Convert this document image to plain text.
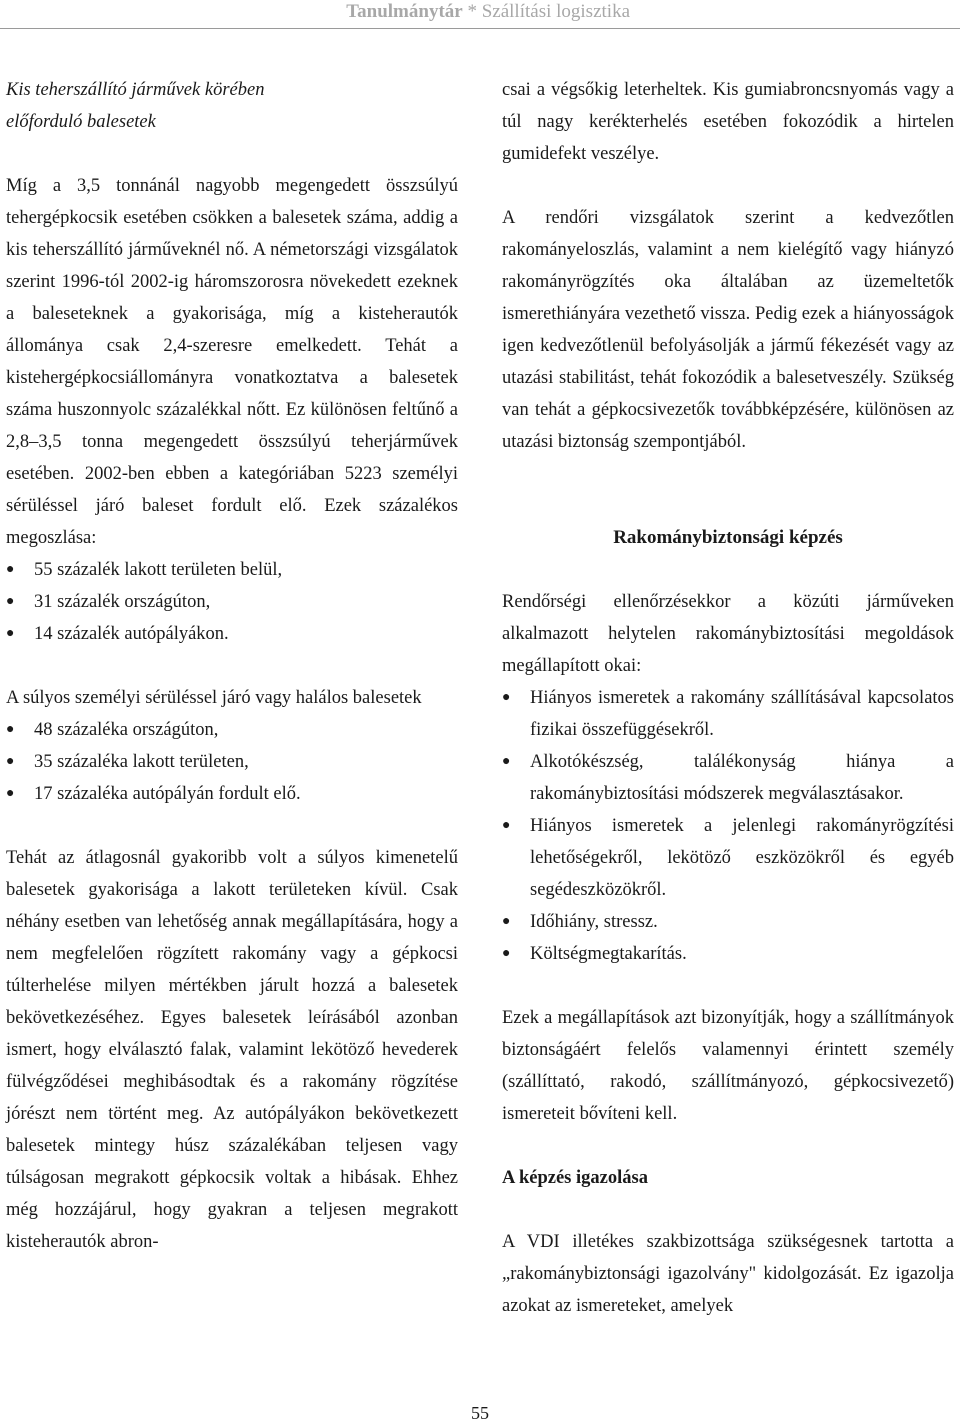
Tanulmánytár * Szállítási logisztika

Kis teherszállító járművek körében

előforduló balesetek

Míg a 3,5 tonnánál nagyobb megengedett összsúlyú tehergépkocsik esetében csökken a balesetek száma, addig a kis teherszállító járműveknél nő. A németországi vizsgálatok szerint 1996-tól 2002-ig háromszorosra növekedett ezeknek a baleseteknek a gyakorisága, míg a kisteherautók állománya csak 2,4-szeresre emelkedett. Tehát a kistehergépkocsiállományra vonatkoztatva a balesetek száma huszonnyolc százalékkal nőtt. Ez különösen feltűnő a 2,8–3,5 tonna megengedett összsúlyú teherjárművek esetében. 2002-ben ebben a kategóriában 5223 személyi sérüléssel járó baleset fordult elő. Ezek százalékos megoszlása:

●	55 százalék lakott területen belül,
●	31 százalék országúton,
●	14 százalék autópályákon.

A súlyos személyi sérüléssel járó vagy halálos balesetek

●	48 százaléka országúton,
●	35 százaléka lakott területen,
●	17 százaléka autópályán fordult elő.

Tehát az átlagosnál gyakoribb volt a súlyos kimenetelű balesetek gyakorisága a lakott területeken kívül. Csak néhány esetben van lehetőség annak megállapítására, hogy a nem megfelelően rögzített rakomány vagy a gépkocsi túlterhelése milyen mértékben járult hozzá a balesetek bekövetkezéséhez. Egyes balesetek leírásából azonban ismert, hogy elválasztó falak, valamint lekötöző hevederek fülvégződései meghibásodtak és a rakomány rögzítése jórészt nem történt meg. Az autópályákon bekövetkezett balesetek mintegy húsz százalékában teljesen vagy túlságosan megrakott gépkocsik voltak a hibásak. Ehhez még hozzájárul, hogy gyakran a teljesen megrakott kisteherautók abron-

csai a végsőkig leterheltek. Kis gumiabroncsnyomás vagy a túl nagy kerékterhelés esetében fokozódik a hirtelen gumidefekt veszélye.

A rendőri vizsgálatok szerint a kedvezőtlen rakományeloszlás, valamint a nem kielégítő vagy hiányzó rakományrögzítés oka általában az üzemeltetők ismerethiányára vezethető vissza. Pedig ezek a hiányosságok igen kedvezőtlenül befolyásolják a jármű fékezését vagy az utazási stabilitást, tehát fokozódik a balesetveszély. Szükség van tehát a gépkocsivezetők továbbképzésére, különösen az utazási biztonság szempontjából.

Rakománybiztonsági képzés

Rendőrségi ellenőrzésekkor a közúti járműveken alkalmazott helytelen rakománybiztosítási megoldások megállapított okai:

●	Hiányos ismeretek a rakomány szállításával kapcsolatos fizikai összefüggésekről.
●	Alkotókészség, találékonyság hiánya a rakománybiztosítási módszerek megválasztásakor.
●	Hiányos ismeretek a jelenlegi rakományrögzítési lehetőségekről, lekötöző eszközökről és egyéb segédeszközökről.
●	Időhiány, stressz.
●	Költségmegtakarítás.

Ezek a megállapítások azt bizonyítják, hogy a szállítmányok biztonságáért felelős valamennyi érintett személy (szállíttató, rakodó, szállítmányozó, gépkocsivezető) ismereteit bővíteni kell.

A képzés igazolása

A VDI illetékes szakbizottsága szükségesnek tartotta a „rakománybiztonsági igazolvány" kidolgozását. Ez igazolja azokat az ismereteket, amelyek

55
